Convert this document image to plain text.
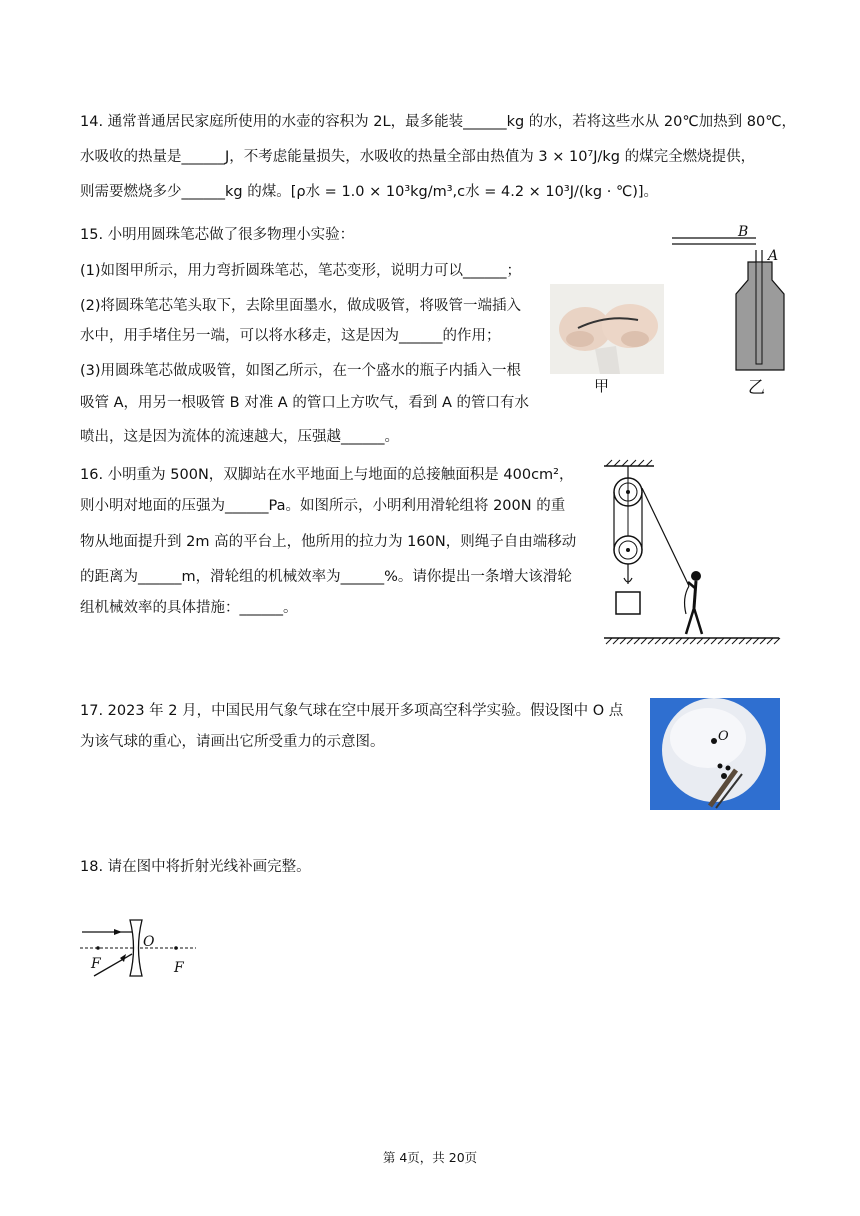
14. 通常普通居民家庭所使用的水壶的容积为 2L，最多能装______kg 的水，若将这些水从 20℃加热到 80℃，
水吸收的热量是______J，不考虑能量损失，水吸收的热量全部由热值为 3 × 10⁷J/kg 的煤完全燃烧提供，
则需要燃烧多少______kg 的煤。[ρ水 = 1.0 × 10³kg/m³,c水 = 4.2 × 10³J/(kg · ℃)]。
15. 小明用圆珠笔芯做了很多物理小实验：
(1)如图甲所示，用力弯折圆珠笔芯，笔芯变形，说明力可以______；
(2)将圆珠笔芯笔头取下，去除里面墨水，做成吸管，将吸管一端插入
水中，用手堵住另一端，可以将水移走，这是因为______的作用；
(3)用圆珠笔芯做成吸管，如图乙所示，在一个盛水的瓶子内插入一根
吸管 A，用另一根吸管 B 对准 A 的管口上方吹气，看到 A 的管口有水
喷出，这是因为流体的流速越大，压强越______。
甲
B
A
乙
16. 小明重为 500N，双脚站在水平地面上与地面的总接触面积是 400cm²，
则小明对地面的压强为______Pa。如图所示，小明利用滑轮组将 200N 的重
物从地面提升到 2m 高的平台上，他所用的拉力为 160N，则绳子自由端移动
的距离为______m，滑轮组的机械效率为______%。请你提出一条增大该滑轮
组机械效率的具体措施：______。
17. 2023 年 2 月，中国民用气象气球在空中展开多项高空科学实验。假设图中 O 点
为该气球的重心，请画出它所受重力的示意图。	O
18. 请在图中将折射光线补画完整。
O
F	F
第 4页，共 20页
